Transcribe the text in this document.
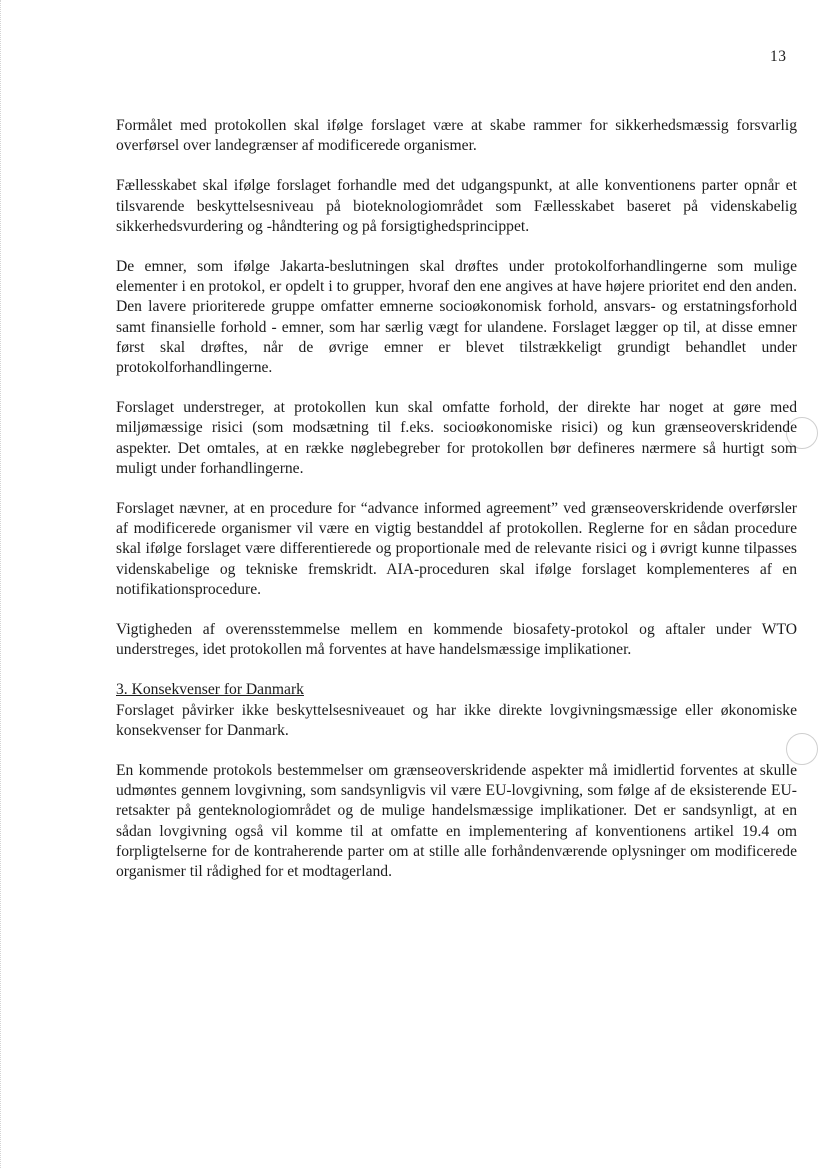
13

Formålet med protokollen skal ifølge forslaget være at skabe rammer for sikkerhedsmæssig forsvarlig overførsel over landegrænser af modificerede organismer.

Fællesskabet skal ifølge forslaget forhandle med det udgangspunkt, at alle konventionens parter opnår et tilsvarende beskyttelsesniveau på bioteknologiområdet som Fællesskabet baseret på videnskabelig sikkerhedsvurdering og -håndtering og på forsigtighedsprincippet.

De emner, som ifølge Jakarta-beslutningen skal drøftes under protokolforhandlingerne som mulige elementer i en protokol, er opdelt i to grupper, hvoraf den ene angives at have højere prioritet end den anden. Den lavere prioriterede gruppe omfatter emnerne socioøkonomisk forhold, ansvars- og erstatningsforhold samt finansielle forhold - emner, som har særlig vægt for ulandene. Forslaget lægger op til, at disse emner først skal drøftes, når de øvrige emner er blevet tilstrækkeligt grundigt behandlet under protokolforhandlingerne.

Forslaget understreger, at protokollen kun skal omfatte forhold, der direkte har noget at gøre med miljømæssige risici (som modsætning til f.eks. socioøkonomiske risici) og kun grænseoverskridende aspekter. Det omtales, at en række nøglebegreber for protokollen bør defineres nærmere så hurtigt som muligt under forhandlingerne.

Forslaget nævner, at en procedure for “advance informed agreement” ved grænseoverskridende overførsler af modificerede organismer vil være en vigtig bestanddel af protokollen. Reglerne for en sådan procedure skal ifølge forslaget være differentierede og proportionale med de relevante risici og i øvrigt kunne tilpasses videnskabelige og tekniske fremskridt. AIA-proceduren skal ifølge forslaget komplementeres af en notifikationsprocedure.

Vigtigheden af overensstemmelse mellem en kommende biosafety-protokol og aftaler under WTO understreges, idet protokollen må forventes at have handelsmæssige implikationer.

3. Konsekvenser for Danmark
Forslaget påvirker ikke beskyttelsesniveauet og har ikke direkte lovgivningsmæssige eller økonomiske konsekvenser for Danmark.

En kommende protokols bestemmelser om grænseoverskridende aspekter må imidlertid forventes at skulle udmøntes gennem lovgivning, som sandsynligvis vil være EU-lovgivning, som følge af de eksisterende EU-retsakter på genteknologiområdet og de mulige handelsmæssige implikationer. Det er sandsynligt, at en sådan lovgivning også vil komme til at omfatte en implementering af konventionens artikel 19.4 om forpligtelserne for de kontraherende parter om at stille alle forhåndenværende oplysninger om modificerede organismer til rådighed for et modtagerland.
